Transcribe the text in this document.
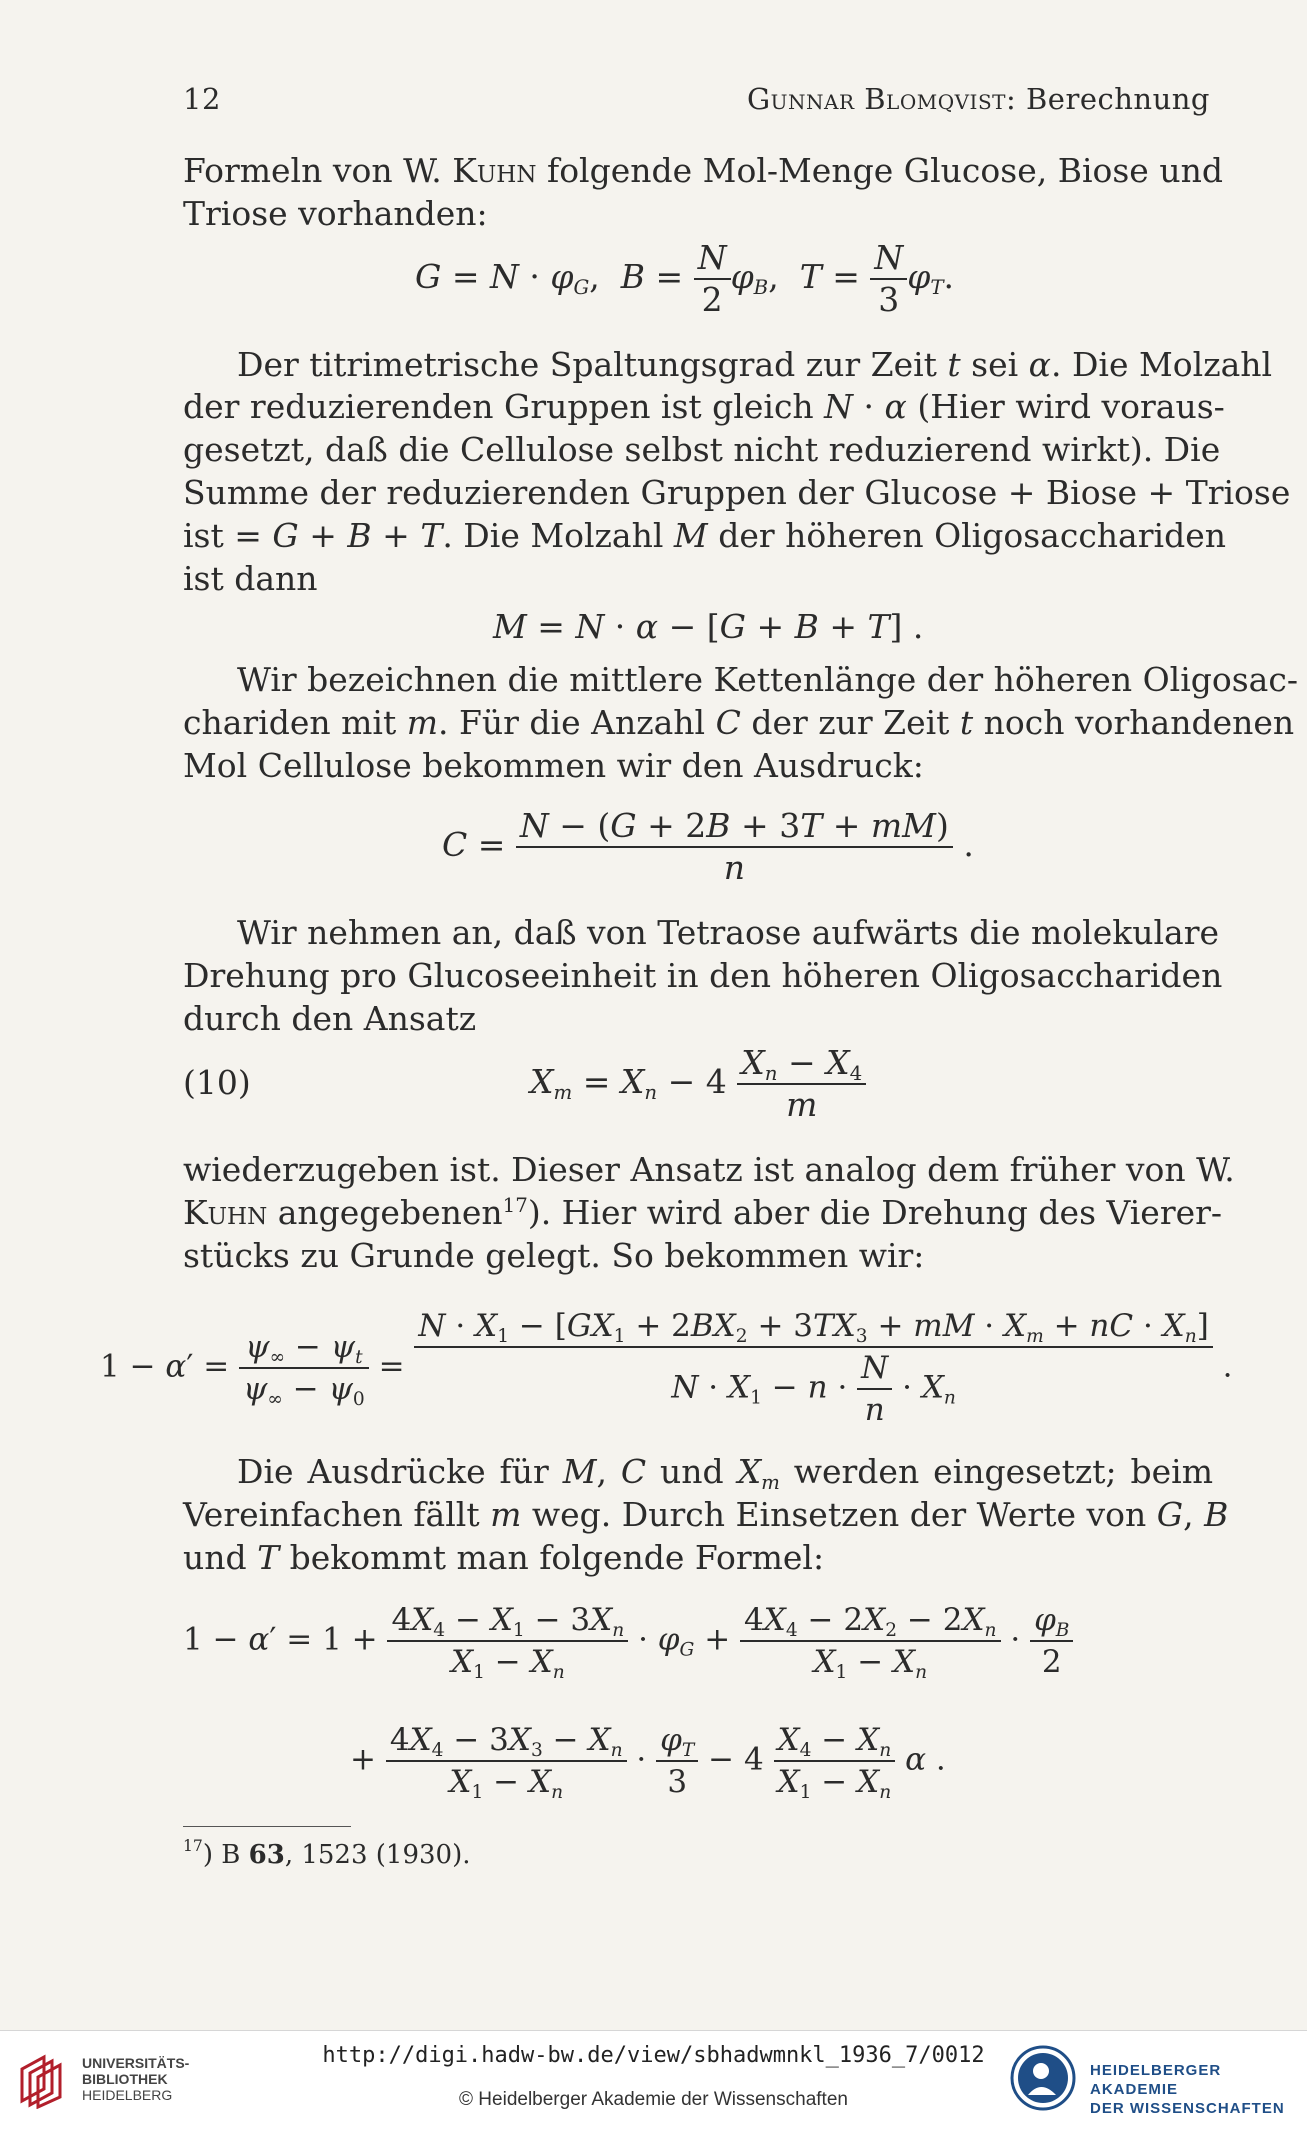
12	Gunnar Blomqvist: Berechnung
Formeln von W. Kuhn folgende Mol-Menge Glucose, Biose und
Triose vorhanden:
$G = N \cdot \varphi_G$,  $B = \frac{N}{2} \varphi_B$,  $T = \frac{N}{3} \varphi_T$.
Der titrimetrische Spaltungsgrad zur Zeit t sei α. Die Molzahl
der reduzierenden Gruppen ist gleich N · α (Hier wird voraus-
gesetzt, daß die Cellulose selbst nicht reduzierend wirkt). Die
Summe der reduzierenden Gruppen der Glucose + Biose + Triose
ist = G + B + T. Die Molzahl M der höheren Oligosacchariden
ist dann
M = N · α − [G + B + T] .
Wir bezeichnen die mittlere Kettenlänge der höheren Oligosac-
chariden mit m. Für die Anzahl C der zur Zeit t noch vorhandenen
Mol Cellulose bekommen wir den Ausdruck:
$C = \frac{N - (G + 2B + 3T + mM)}{n}$ .
Wir nehmen an, daß von Tetraose aufwärts die molekulare
Drehung pro Glucoseeinheit in den höheren Oligosacchariden
durch den Ansatz
(10)	$X_m = X_n - 4 \frac{X_n - X_4}{m}$
wiederzugeben ist. Dieser Ansatz ist analog dem früher von W.
Kuhn angegebenen$^{17}$). Hier wird aber die Drehung des Vierer-
stücks zu Grunde gelegt. So bekommen wir:
$1 - \alpha' = \frac{\psi_\infty - \psi_t}{\psi_\infty - \psi_0} = \frac{N \cdot X_1 - [GX_1 + 2BX_2 + 3TX_3 + mM \cdot X_m + nC \cdot X_n]}{N \cdot X_1 - n \cdot \frac{N}{n} \cdot X_n}$ .
Die Ausdrücke für M, C und $X_m$ werden eingesetzt; beim
Vereinfachen fällt m weg. Durch Einsetzen der Werte von G, B
und T bekommt man folgende Formel:
$1 - \alpha' = 1 + \frac{4X_4 - X_1 - 3X_n}{X_1 - X_n} \cdot \varphi_G + \frac{4X_4 - 2X_2 - 2X_n}{X_1 - X_n} \cdot \frac{\varphi_B}{2}$
+ $\frac{4X_4 - 3X_3 - X_n}{X_1 - X_n} \cdot \frac{\varphi_T}{3} - 4 \frac{X_4 - X_n}{X_1 - X_n}$ α .
$^{17}$) B 63, 1523 (1930).
UNIVERSITÄTS-
BIBLIOTHEK
HEIDELBERG
http://digi.hadw-bw.de/view/sbhadwmnkl_1936_7/0012
© Heidelberger Akademie der Wissenschaften
HEIDELBERGER AKADEMIE
DER WISSENSCHAFTEN
